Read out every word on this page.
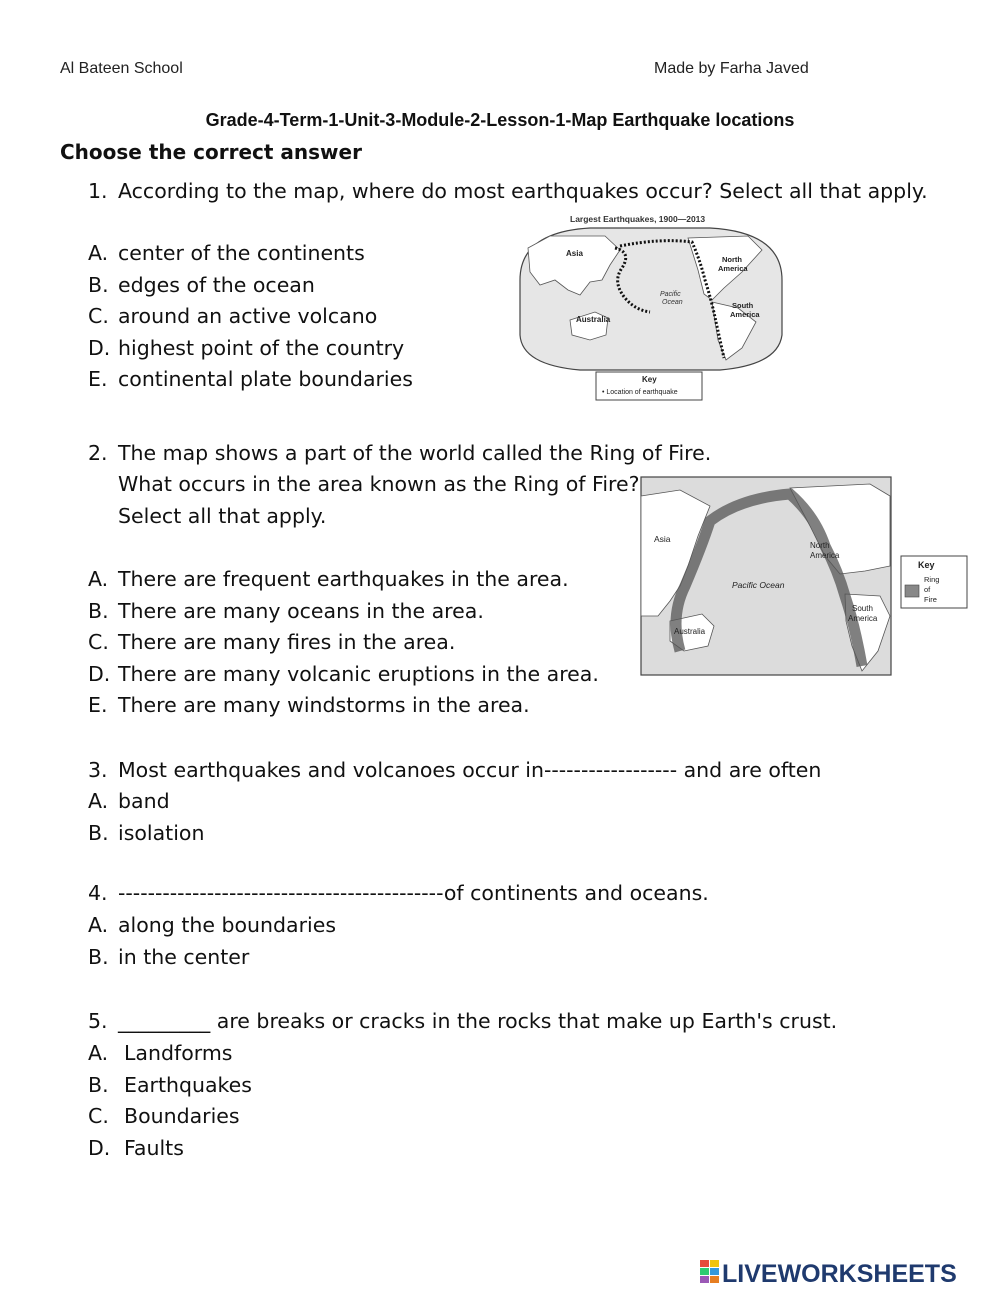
Al Bateen School	Made by Farha Javed
Grade-4-Term-1-Unit-3-Module-2-Lesson-1-Map Earthquake locations
Choose the correct answer
1. According to the map, where do most earthquakes occur? Select all that apply.
A. center of the continents
B. edges of the ocean
C. around an active volcano
D. highest point of the country
E. continental plate boundaries
Largest Earthquakes, 1900—2013
Asia
North
America
Pacific
Ocean	South
America
Australia
Key
• Location of earthquake
2. The map shows a part of the world called the Ring of Fire.
What occurs in the area known as the Ring of Fire?
Select all that apply.
A. There are frequent earthquakes in the area.
B. There are many oceans in the area.
C. There are many fires in the area.
D. There are many volcanic eruptions in the area.
E. There are many windstorms in the area.
Asia
North
America
Pacific Ocean
South
America
Australia
Key
Ring
of
Fire
3. Most earthquakes and volcanoes occur in------------------ and are often
A. band
B. isolation
4. --------------------------------------------of continents and oceans.
A. along the boundaries
B. in the center
5. _________ are breaks or cracks in the rocks that make up Earth's crust.
A. Landforms
B. Earthquakes
C. Boundaries
D. Faults
LIVEWORKSHEETS
